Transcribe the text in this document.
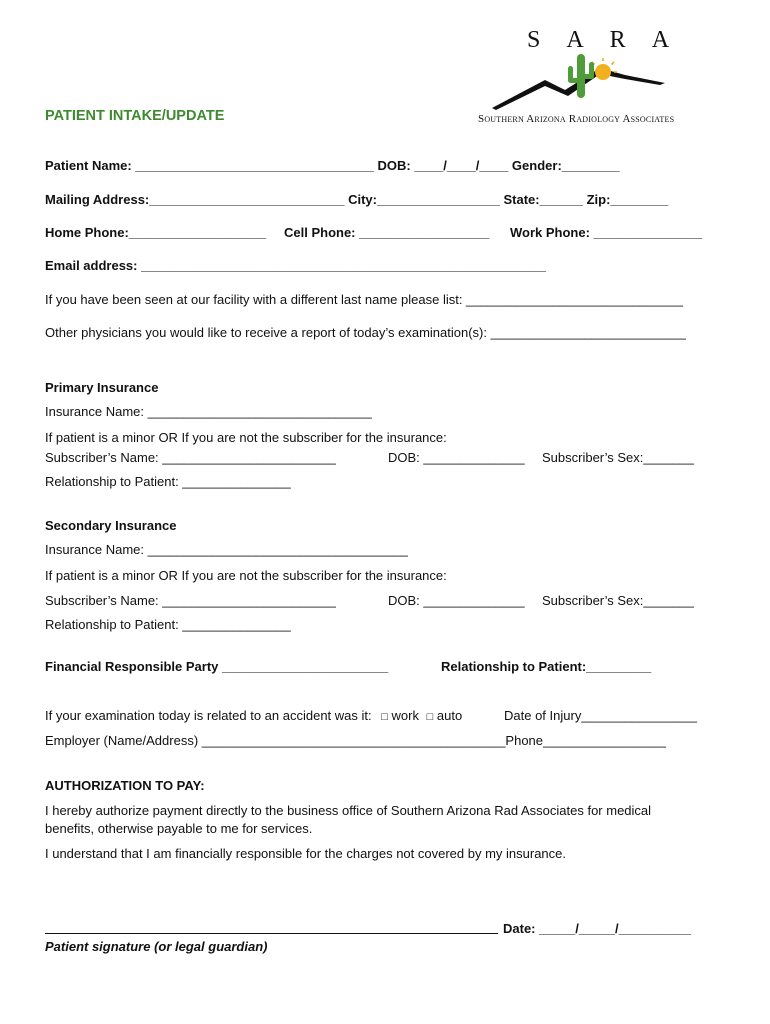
SARA
Southern Arizona Radiology Associates
PATIENT INTAKE/UPDATE
Patient Name: _________________________________ DOB: ____/____/____ Gender:________
Mailing Address:___________________________ City:_________________ State:______ Zip:________
Home Phone:___________________ Cell Phone: __________________ Work Phone: _______________
Email address: ________________________________________________________
If you have been seen at our facility with a different last name please list: ______________________________
Other physicians you would like to receive a report of today’s examination(s): ___________________________
Primary Insurance
Insurance Name: _______________________________
If patient is a minor OR If you are not the subscriber for the insurance:
Subscriber’s Name: ________________________	DOB: ______________ Subscriber’s Sex:_______
Relationship to Patient: _______________
Secondary Insurance
Insurance Name: ____________________________________
If patient is a minor OR If you are not the subscriber for the insurance:
Subscriber’s Name: ________________________	DOB: ______________ Subscriber’s Sex:_______
Relationship to Patient: _______________
Financial Responsible Party _______________________	Relationship to Patient:_________
If your examination today is related to an accident was it: □ work □ auto	Date of Injury________________
Employer (Name/Address) __________________________________________Phone_________________
AUTHORIZATION TO PAY:
I hereby authorize payment directly to the business office of Southern Arizona Rad Associates for medical
benefits, otherwise payable to me for services.
I understand that I am financially responsible for the charges not covered by my insurance.
Date: _____/_____/__________
Patient signature (or legal guardian)
